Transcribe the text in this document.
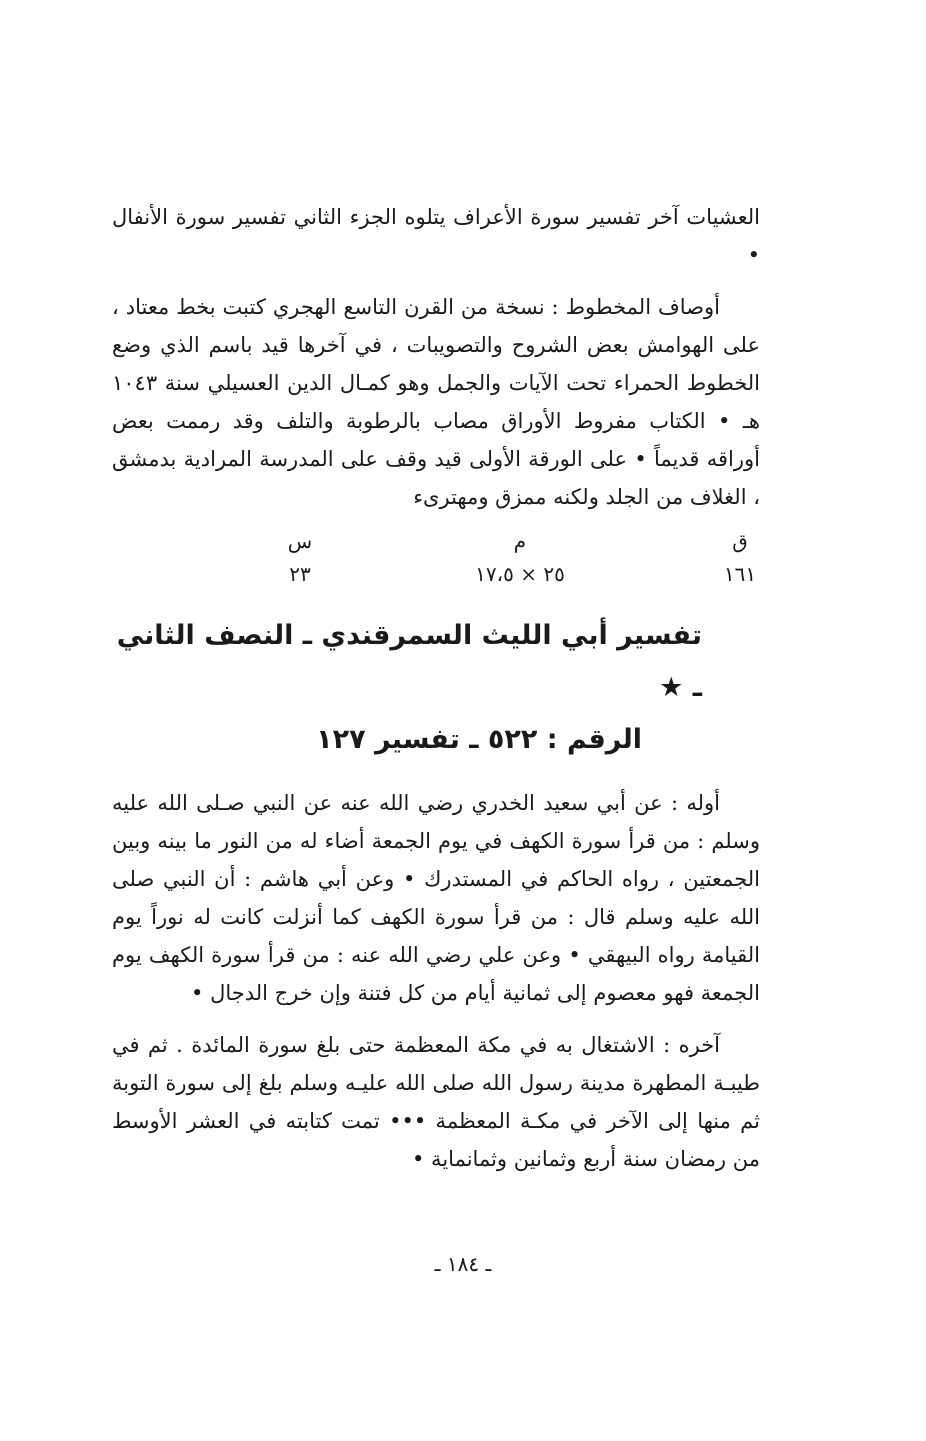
العشيات آخر تفسير سورة الأعراف يتلوه الجزء الثاني تفسير سورة الأنفال •

أوصاف المخطوط : نسخة من القرن التاسع الهجري كتبت بخط معتاد ، على الهوامش بعض الشروح والتصويبات ، في آخرها قيد باسم الذي وضع الخطوط الحمراء تحت الآيات والجمل وهو كمـال الدين العسيلي سنة ١٠٤٣ هـ • الكتاب مفروط الأوراق مصاب بالرطوبة والتلف وقد رممت بعض أوراقه قديماً • على الورقة الأولى قيد وقف على المدرسة المرادية بدمشق ، الغلاف من الجلد ولكنه ممزق ومهترىء

ق
١٦١
م
٢٥ × ١٧،٥
س
٢٣

تفسير أبي الليث السمرقندي ـ النصف الثاني ـ ★

الرقم : ٥٢٢ ـ تفسير ١٢٧

أوله : عن أبي سعيد الخدري رضي الله عنه عن النبي صـلى الله عليه وسلم : من قرأ سورة الكهف في يوم الجمعة أضاء له من النور ما بينه وبين الجمعتين ، رواه الحاكم في المستدرك • وعن أبي هاشم : أن النبي صلى الله عليه وسلم قال : من قرأ سورة الكهف كما أنزلت كانت له نوراً يوم القيامة رواه البيهقي • وعن علي رضي الله عنه : من قرأ سورة الكهف يوم الجمعة فهو معصوم إلى ثمانية أيام من كل فتنة وإن خرج الدجال •

آخره : الاشتغال به في مكة المعظمة حتى بلغ سورة المائدة . ثم في طيبـة المطهرة مدينة رسول الله صلى الله عليـه وسلم بلغ إلى سورة التوبة ثم منها إلى الآخر في مكـة المعظمة ••• تمت كتابته في العشر الأوسط من رمضان سنة أربع وثمانين وثمانماية •

ـ ١٨٤ ـ
